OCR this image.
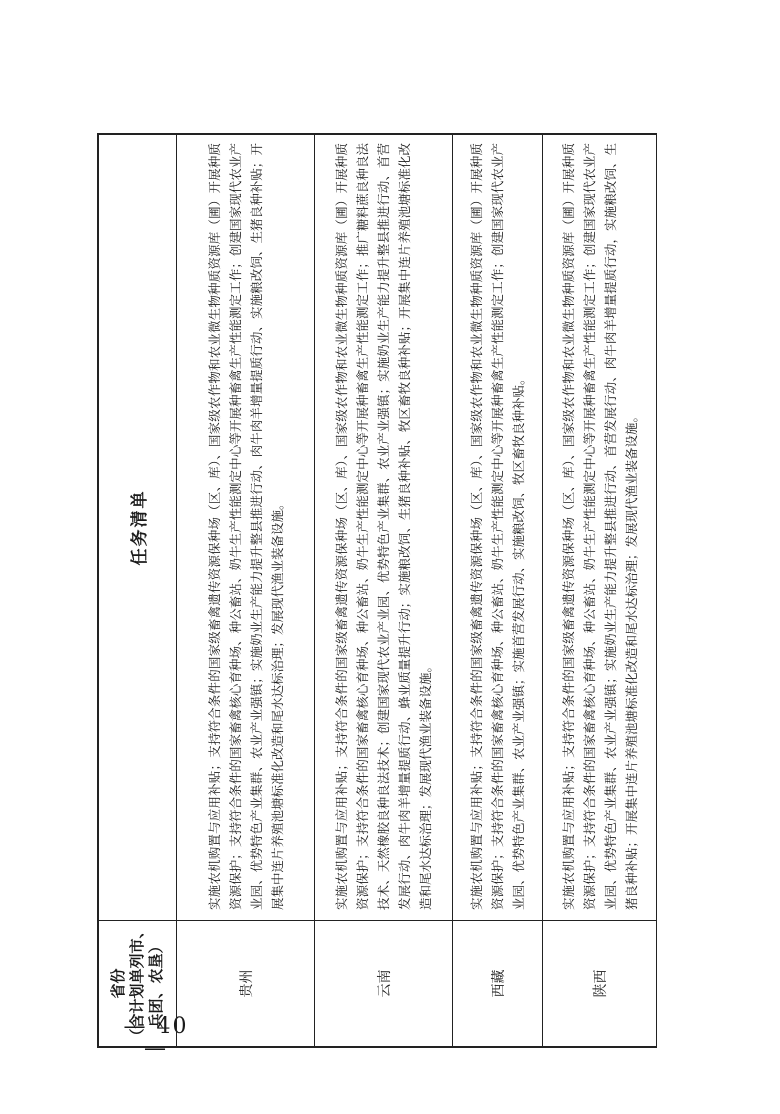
— 40 —
省份
（含计划单列市、兵团、农垦）	任务清单
贵州	实施农机购置与应用补贴；支持符合条件的国家级畜禽遗传资源保种场（区、库）、国家级农作物和农业微生物种质资源库（圃）开展种质资源保护；支持符合条件的国家畜禽核心育种场、种公畜站、奶牛生产性能测定中心等开展种畜禽生产性能测定工作；创建国家现代农业产业园、优势特色产业集群、农业产业强镇；实施奶业生产能力提升整县推进行动、肉牛肉羊增量提质行动、实施粮改饲、生猪良种补贴；开展集中连片养殖池塘标准化改造和尾水达标治理；发展现代渔业装备设施。
云南	实施农机购置与应用补贴；支持符合条件的国家级畜禽遗传资源保种场（区、库）、国家级农作物和农业微生物种质资源库（圃）开展种质资源保护；支持符合条件的国家畜禽核心育种场、种公畜站、奶牛生产性能测定中心等开展种畜禽生产性能测定工作；推广糖料蔗良种良法技术、天然橡胶良种良法技术；创建国家现代农业产业园、优势特色产业集群、农业产业强镇；实施奶业生产能力提升整县推进行动、首营发展行动、肉牛肉羊增量提质行动、蜂业质量提升行动；实施粮改饲、生猪良种补贴、牧区畜牧良种补贴；开展集中连片养殖池塘标准化改造和尾水达标治理；发展现代渔业装备设施。
西藏	实施农机购置与应用补贴；支持符合条件的国家级畜禽遗传资源保种场（区、库）、国家级农作物和农业微生物种质资源库（圃）开展种质资源保护；支持符合条件的国家畜禽核心育种场、种公畜站、奶牛生产性能测定中心等开展种畜禽生产性能测定工作；创建国家现代农业产业园、优势特色产业集群、农业产业强镇；实施首营发展行动、实施粮改饲、牧区畜牧良种补贴。
陕西	实施农机购置与应用补贴；支持符合条件的国家级畜禽遗传资源保种场（区、库）、国家级农作物和农业微生物种质资源库（圃）开展种质资源保护；支持符合条件的国家畜禽核心育种场、种公畜站、奶牛生产性能测定中心等开展种畜禽生产性能测定工作；创建国家现代农业产业园、优势特色产业集群、农业产业强镇；实施奶业生产能力提升整县推进行动、首营发展行动、肉牛肉羊增量提质行动，实施粮改饲、生猪良种补贴；开展集中连片养殖池塘标准化改造和尾水达标治理；发展现代渔业装备设施。
